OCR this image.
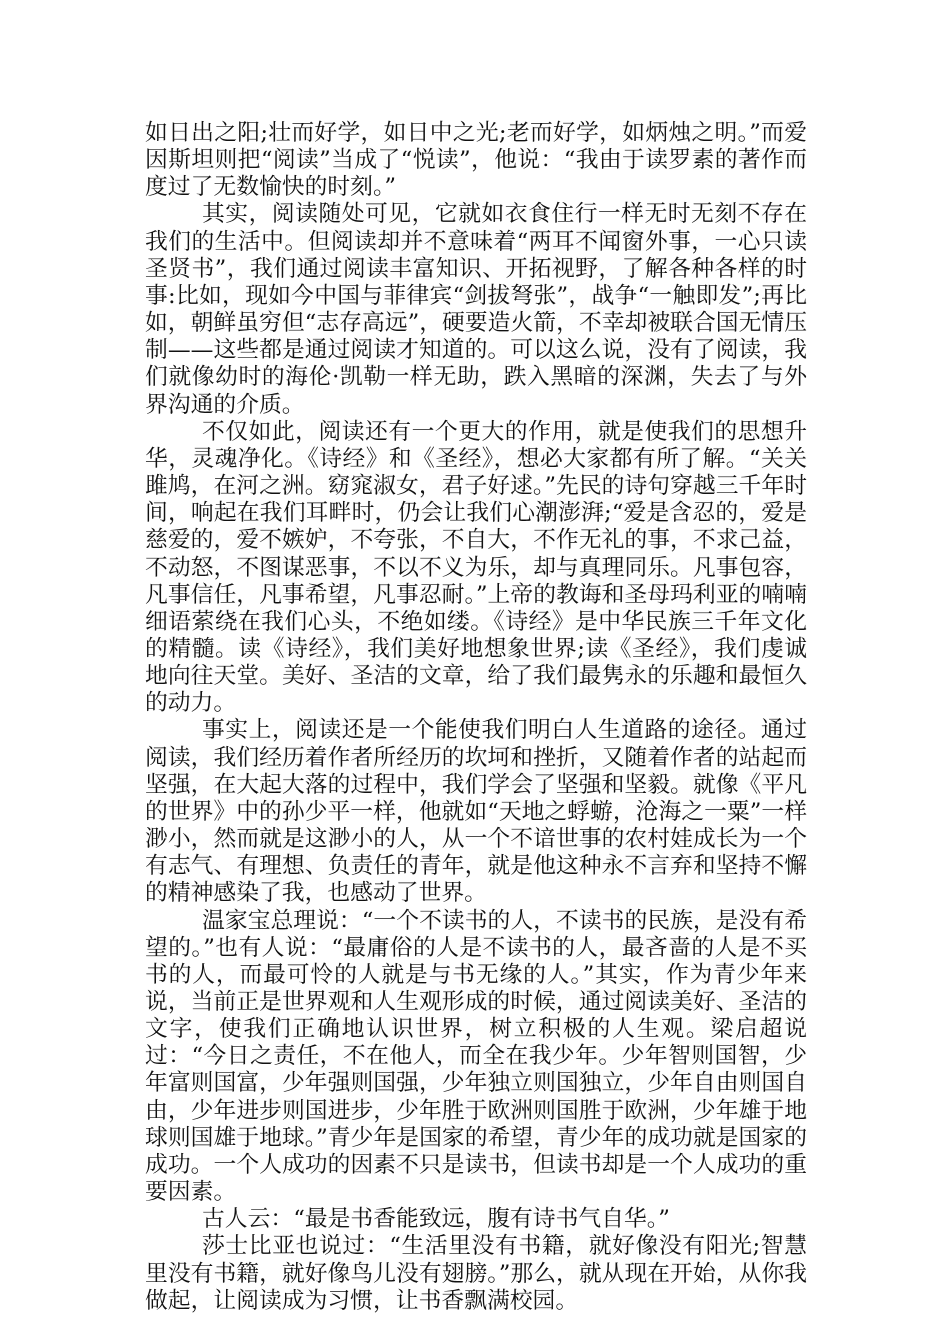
如日出之阳;壮而好学，如日中之光;老而好学，如炳烛之明。”而爱因斯坦则把“阅读”当成了“悦读”，他说：“我由于读罗素的著作而度过了无数愉快的时刻。”

其实，阅读随处可见，它就如衣食住行一样无时无刻不存在我们的生活中。但阅读却并不意味着“两耳不闻窗外事，一心只读圣贤书”，我们通过阅读丰富知识、开拓视野，了解各种各样的时事:比如，现如今中国与菲律宾“剑拔弩张”，战争“一触即发”;再比如，朝鲜虽穷但“志存高远”，硬要造火箭，不幸却被联合国无情压制——这些都是通过阅读才知道的。可以这么说，没有了阅读，我们就像幼时的海伦·凯勒一样无助，跌入黑暗的深渊，失去了与外界沟通的介质。

不仅如此，阅读还有一个更大的作用，就是使我们的思想升华，灵魂净化。《诗经》和《圣经》，想必大家都有所了解。“关关雎鸠，在河之洲。窈窕淑女，君子好逑。”先民的诗句穿越三千年时间，响起在我们耳畔时，仍会让我们心潮澎湃;“爱是含忍的，爱是慈爱的，爱不嫉妒，不夸张，不自大，不作无礼的事，不求己益，不动怒，不图谋恶事，不以不义为乐，却与真理同乐。凡事包容，凡事信任，凡事希望，凡事忍耐。”上帝的教诲和圣母玛利亚的喃喃细语萦绕在我们心头，不绝如缕。《诗经》是中华民族三千年文化的精髓。读《诗经》，我们美好地想象世界;读《圣经》，我们虔诚地向往天堂。美好、圣洁的文章，给了我们最隽永的乐趣和最恒久的动力。

事实上，阅读还是一个能使我们明白人生道路的途径。通过阅读，我们经历着作者所经历的坎坷和挫折，又随着作者的站起而坚强，在大起大落的过程中，我们学会了坚强和坚毅。就像《平凡的世界》中的孙少平一样，他就如“天地之蜉蝣，沧海之一粟”一样渺小，然而就是这渺小的人，从一个不谙世事的农村娃成长为一个有志气、有理想、负责任的青年，就是他这种永不言弃和坚持不懈的精神感染了我，也感动了世界。

温家宝总理说：“一个不读书的人，不读书的民族，是没有希望的。”也有人说：“最庸俗的人是不读书的人，最吝啬的人是不买书的人，而最可怜的人就是与书无缘的人。”其实，作为青少年来说，当前正是世界观和人生观形成的时候，通过阅读美好、圣洁的文字，使我们正确地认识世界，树立积极的人生观。梁启超说过：“今日之责任，不在他人，而全在我少年。少年智则国智，少年富则国富，少年强则国强，少年独立则国独立，少年自由则国自由，少年进步则国进步，少年胜于欧洲则国胜于欧洲，少年雄于地球则国雄于地球。”青少年是国家的希望，青少年的成功就是国家的成功。一个人成功的因素不只是读书，但读书却是一个人成功的重要因素。

古人云：“最是书香能致远，腹有诗书气自华。”

莎士比亚也说过：“生活里没有书籍，就好像没有阳光;智慧里没有书籍，就好像鸟儿没有翅膀。”那么，就从现在开始，从你我做起，让阅读成为习惯，让书香飘满校园。
